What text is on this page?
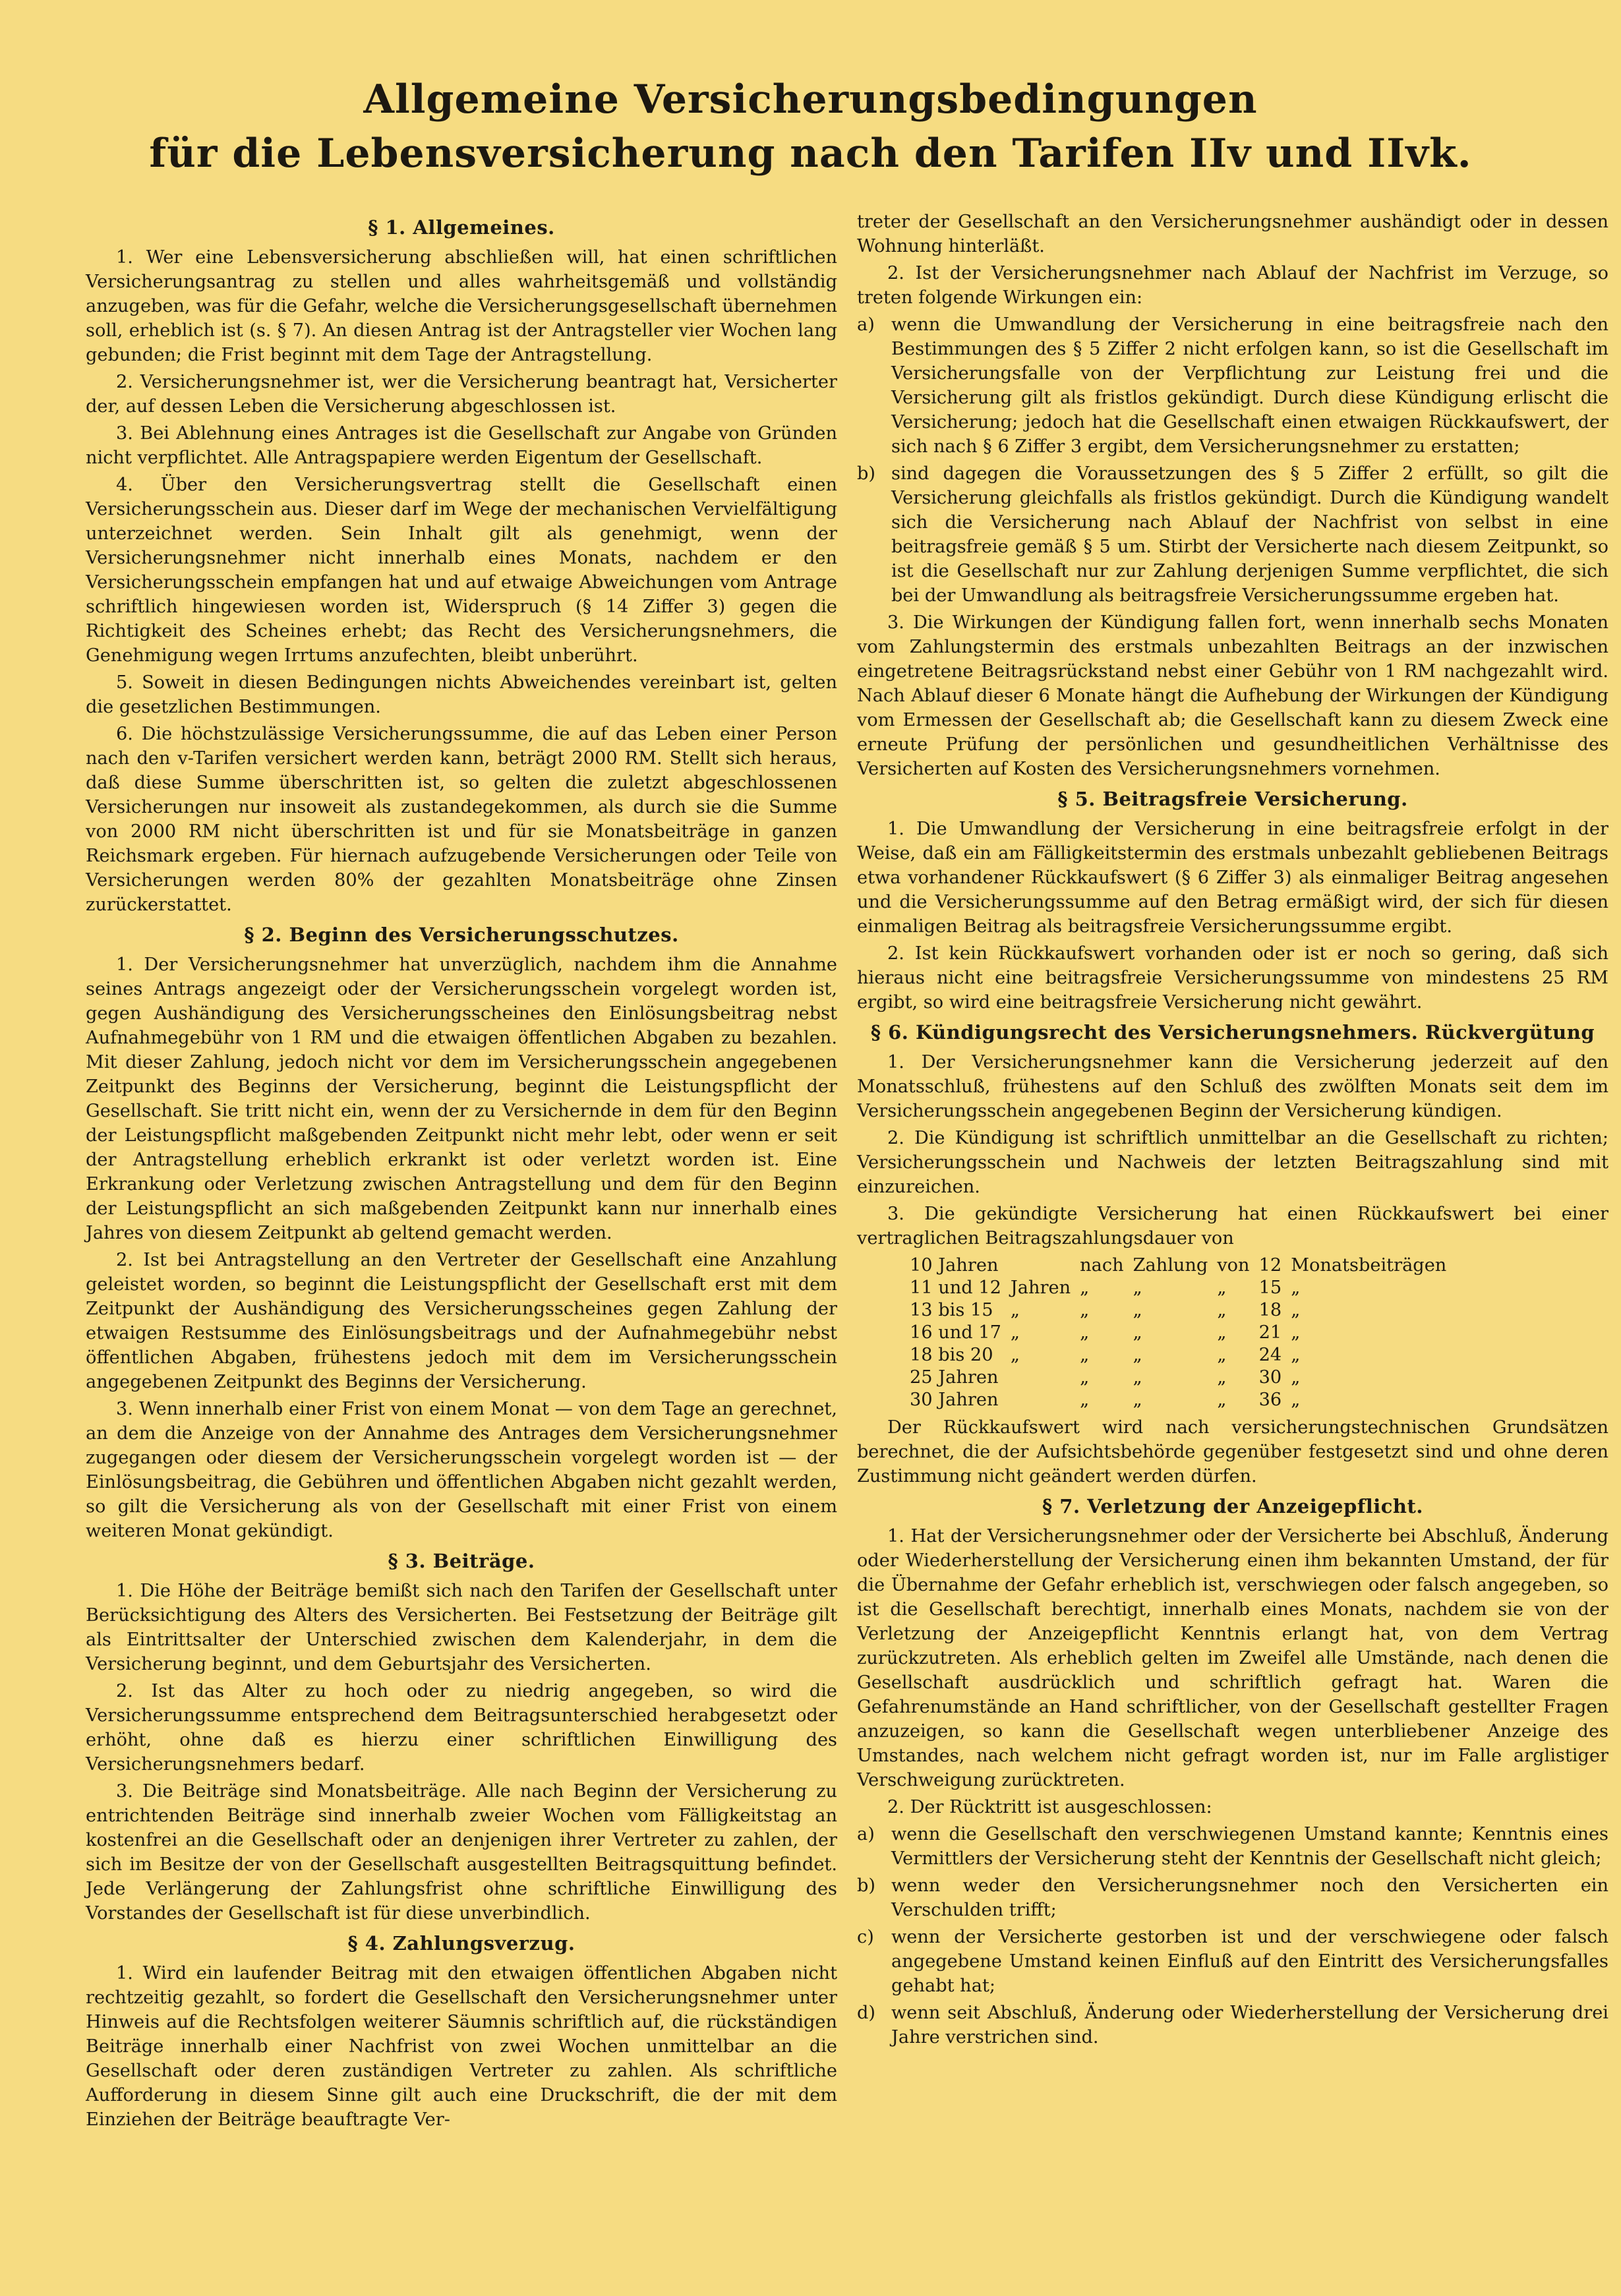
Allgemeine Versicherungsbedingungen
für die Lebensversicherung nach den Tarifen IIv und IIvk.
§ 1. Allgemeines.

1. Wer eine Lebensversicherung abschließen will, hat einen schriftlichen Versicherungsantrag zu stellen und alles wahrheitsgemäß und vollständig anzugeben, was für die Gefahr, welche die Versicherungsgesellschaft übernehmen soll, erheblich ist (s. § 7). An diesen Antrag ist der Antragsteller vier Wochen lang gebunden; die Frist beginnt mit dem Tage der Antragstellung.

2. Versicherungsnehmer ist, wer die Versicherung beantragt hat, Versicherter der, auf dessen Leben die Versicherung abgeschlossen ist.

3. Bei Ablehnung eines Antrages ist die Gesellschaft zur Angabe von Gründen nicht verpflichtet. Alle Antragspapiere werden Eigentum der Gesellschaft.

4. Über den Versicherungsvertrag stellt die Gesellschaft einen Versicherungsschein aus. Dieser darf im Wege der mechanischen Vervielfältigung unterzeichnet werden. Sein Inhalt gilt als genehmigt, wenn der Versicherungsnehmer nicht innerhalb eines Monats, nachdem er den Versicherungsschein empfangen hat und auf etwaige Abweichungen vom Antrage schriftlich hingewiesen worden ist, Widerspruch (§ 14 Ziffer 3) gegen die Richtigkeit des Scheines erhebt; das Recht des Versicherungsnehmers, die Genehmigung wegen Irrtums anzufechten, bleibt unberührt.

5. Soweit in diesen Bedingungen nichts Abweichendes vereinbart ist, gelten die gesetzlichen Bestimmungen.

6. Die höchstzulässige Versicherungssumme, die auf das Leben einer Person nach den v-Tarifen versichert werden kann, beträgt 2000 RM. Stellt sich heraus, daß diese Summe überschritten ist, so gelten die zuletzt abgeschlossenen Versicherungen nur insoweit als zustandegekommen, als durch sie die Summe von 2000 RM nicht überschritten ist und für sie Monatsbeiträge in ganzen Reichsmark ergeben. Für hiernach aufzugebende Versicherungen oder Teile von Versicherungen werden 80% der gezahlten Monatsbeiträge ohne Zinsen zurückerstattet.

§ 2. Beginn des Versicherungsschutzes.

1. Der Versicherungsnehmer hat unverzüglich, nachdem ihm die Annahme seines Antrags angezeigt oder der Versicherungsschein vorgelegt worden ist, gegen Aushändigung des Versicherungsscheines den Einlösungsbeitrag nebst Aufnahmegebühr von 1 RM und die etwaigen öffentlichen Abgaben zu bezahlen. Mit dieser Zahlung, jedoch nicht vor dem im Versicherungsschein angegebenen Zeitpunkt des Beginns der Versicherung, beginnt die Leistungspflicht der Gesellschaft. Sie tritt nicht ein, wenn der zu Versichernde in dem für den Beginn der Leistungspflicht maßgebenden Zeitpunkt nicht mehr lebt, oder wenn er seit der Antragstellung erheblich erkrankt ist oder verletzt worden ist. Eine Erkrankung oder Verletzung zwischen Antragstellung und dem für den Beginn der Leistungspflicht an sich maßgebenden Zeitpunkt kann nur innerhalb eines Jahres von diesem Zeitpunkt ab geltend gemacht werden.

2. Ist bei Antragstellung an den Vertreter der Gesellschaft eine Anzahlung geleistet worden, so beginnt die Leistungspflicht der Gesellschaft erst mit dem Zeitpunkt der Aushändigung des Versicherungsscheines gegen Zahlung der etwaigen Restsumme des Einlösungsbeitrags und der Aufnahmegebühr nebst öffentlichen Abgaben, frühestens jedoch mit dem im Versicherungsschein angegebenen Zeitpunkt des Beginns der Versicherung.

3. Wenn innerhalb einer Frist von einem Monat — von dem Tage an gerechnet, an dem die Anzeige von der Annahme des Antrages dem Versicherungsnehmer zugegangen oder diesem der Versicherungsschein vorgelegt worden ist — der Einlösungsbeitrag, die Gebühren und öffentlichen Abgaben nicht gezahlt werden, so gilt die Versicherung als von der Gesellschaft mit einer Frist von einem weiteren Monat gekündigt.

§ 3. Beiträge.

1. Die Höhe der Beiträge bemißt sich nach den Tarifen der Gesellschaft unter Berücksichtigung des Alters des Versicherten. Bei Festsetzung der Beiträge gilt als Eintrittsalter der Unterschied zwischen dem Kalenderjahr, in dem die Versicherung beginnt, und dem Geburtsjahr des Versicherten.

2. Ist das Alter zu hoch oder zu niedrig angegeben, so wird die Versicherungssumme entsprechend dem Beitragsunterschied herabgesetzt oder erhöht, ohne daß es hierzu einer schriftlichen Einwilligung des Versicherungsnehmers bedarf.

3. Die Beiträge sind Monatsbeiträge. Alle nach Beginn der Versicherung zu entrichtenden Beiträge sind innerhalb zweier Wochen vom Fälligkeitstag an kostenfrei an die Gesellschaft oder an denjenigen ihrer Vertreter zu zahlen, der sich im Besitze der von der Gesellschaft ausgestellten Beitragsquittung befindet. Jede Verlängerung der Zahlungsfrist ohne schriftliche Einwilligung des Vorstandes der Gesellschaft ist für diese unverbindlich.

§ 4. Zahlungsverzug.

1. Wird ein laufender Beitrag mit den etwaigen öffentlichen Abgaben nicht rechtzeitig gezahlt, so fordert die Gesellschaft den Versicherungsnehmer unter Hinweis auf die Rechtsfolgen weiterer Säumnis schriftlich auf, die rückständigen Beiträge innerhalb einer Nachfrist von zwei Wochen unmittelbar an die Gesellschaft oder deren zuständigen Vertreter zu zahlen. Als schriftliche Aufforderung in diesem Sinne gilt auch eine Druckschrift, die der mit dem Einziehen der Beiträge beauftragte Ver-

treter der Gesellschaft an den Versicherungsnehmer aushändigt oder in dessen Wohnung hinterläßt.

2. Ist der Versicherungsnehmer nach Ablauf der Nachfrist im Verzuge, so treten folgende Wirkungen ein:

a) wenn die Umwandlung der Versicherung in eine beitragsfreie nach den Bestimmungen des § 5 Ziffer 2 nicht erfolgen kann, so ist die Gesellschaft im Versicherungsfalle von der Verpflichtung zur Leistung frei und die Versicherung gilt als fristlos gekündigt. Durch diese Kündigung erlischt die Versicherung; jedoch hat die Gesellschaft einen etwaigen Rückkaufswert, der sich nach § 6 Ziffer 3 ergibt, dem Versicherungsnehmer zu erstatten;
b) sind dagegen die Voraussetzungen des § 5 Ziffer 2 erfüllt, so gilt die Versicherung gleichfalls als fristlos gekündigt. Durch die Kündigung wandelt sich die Versicherung nach Ablauf der Nachfrist von selbst in eine beitragsfreie gemäß § 5 um. Stirbt der Versicherte nach diesem Zeitpunkt, so ist die Gesellschaft nur zur Zahlung derjenigen Summe verpflichtet, die sich bei der Umwandlung als beitragsfreie Versicherungssumme ergeben hat.

3. Die Wirkungen der Kündigung fallen fort, wenn innerhalb sechs Monaten vom Zahlungstermin des erstmals unbezahlten Beitrags an der inzwischen eingetretene Beitragsrückstand nebst einer Gebühr von 1 RM nachgezahlt wird. Nach Ablauf dieser 6 Monate hängt die Aufhebung der Wirkungen der Kündigung vom Ermessen der Gesellschaft ab; die Gesellschaft kann zu diesem Zweck eine erneute Prüfung der persönlichen und gesundheitlichen Verhältnisse des Versicherten auf Kosten des Versicherungsnehmers vornehmen.

§ 5. Beitragsfreie Versicherung.

1. Die Umwandlung der Versicherung in eine beitragsfreie erfolgt in der Weise, daß ein am Fälligkeitstermin des erstmals unbezahlt gebliebenen Beitrags etwa vorhandener Rückkaufswert (§ 6 Ziffer 3) als einmaliger Beitrag angesehen und die Versicherungssumme auf den Betrag ermäßigt wird, der sich für diesen einmaligen Beitrag als beitragsfreie Versicherungssumme ergibt.

2. Ist kein Rückkaufswert vorhanden oder ist er noch so gering, daß sich hieraus nicht eine beitragsfreie Versicherungssumme von mindestens 25 RM ergibt, so wird eine beitragsfreie Versicherung nicht gewährt.

§ 6. Kündigungsrecht des Versicherungsnehmers. Rückvergütung

1. Der Versicherungsnehmer kann die Versicherung jederzeit auf den Monatsschluß, frühestens auf den Schluß des zwölften Monats seit dem im Versicherungsschein angegebenen Beginn der Versicherung kündigen.

2. Die Kündigung ist schriftlich unmittelbar an die Gesellschaft zu richten; Versicherungsschein und Nachweis der letzten Beitragszahlung sind mit einzureichen.

3. Die gekündigte Versicherung hat einen Rückkaufswert bei einer vertraglichen Beitragszahlungsdauer von

10 Jahren		nach	Zahlung	von	12	Monatsbeiträgen
11 und 12	Jahren	„	„	„	15	„
13 bis 15	„	„	„	„	18	„
16 und 17	„	„	„	„	21	„
18 bis 20	„	„	„	„	24	„
25 Jahren		„	„	„	30	„
30 Jahren		„	„	„	36	„

Der Rückkaufswert wird nach versicherungstechnischen Grundsätzen berechnet, die der Aufsichtsbehörde gegenüber festgesetzt sind und ohne deren Zustimmung nicht geändert werden dürfen.

§ 7. Verletzung der Anzeigepflicht.

1. Hat der Versicherungsnehmer oder der Versicherte bei Abschluß, Änderung oder Wiederherstellung der Versicherung einen ihm bekannten Umstand, der für die Übernahme der Gefahr erheblich ist, verschwiegen oder falsch angegeben, so ist die Gesellschaft berechtigt, innerhalb eines Monats, nachdem sie von der Verletzung der Anzeigepflicht Kenntnis erlangt hat, von dem Vertrag zurückzutreten. Als erheblich gelten im Zweifel alle Umstände, nach denen die Gesellschaft ausdrücklich und schriftlich gefragt hat. Waren die Gefahrenumstände an Hand schriftlicher, von der Gesellschaft gestellter Fragen anzuzeigen, so kann die Gesellschaft wegen unterbliebener Anzeige des Umstandes, nach welchem nicht gefragt worden ist, nur im Falle arglistiger Verschweigung zurücktreten.

2. Der Rücktritt ist ausgeschlossen:

a) wenn die Gesellschaft den verschwiegenen Umstand kannte; Kenntnis eines Vermittlers der Versicherung steht der Kenntnis der Gesellschaft nicht gleich;
b) wenn weder den Versicherungsnehmer noch den Versicherten ein Verschulden trifft;
c) wenn der Versicherte gestorben ist und der verschwiegene oder falsch angegebene Umstand keinen Einfluß auf den Eintritt des Versicherungsfalles gehabt hat;
d) wenn seit Abschluß, Änderung oder Wiederherstellung der Versicherung drei Jahre verstrichen sind.
